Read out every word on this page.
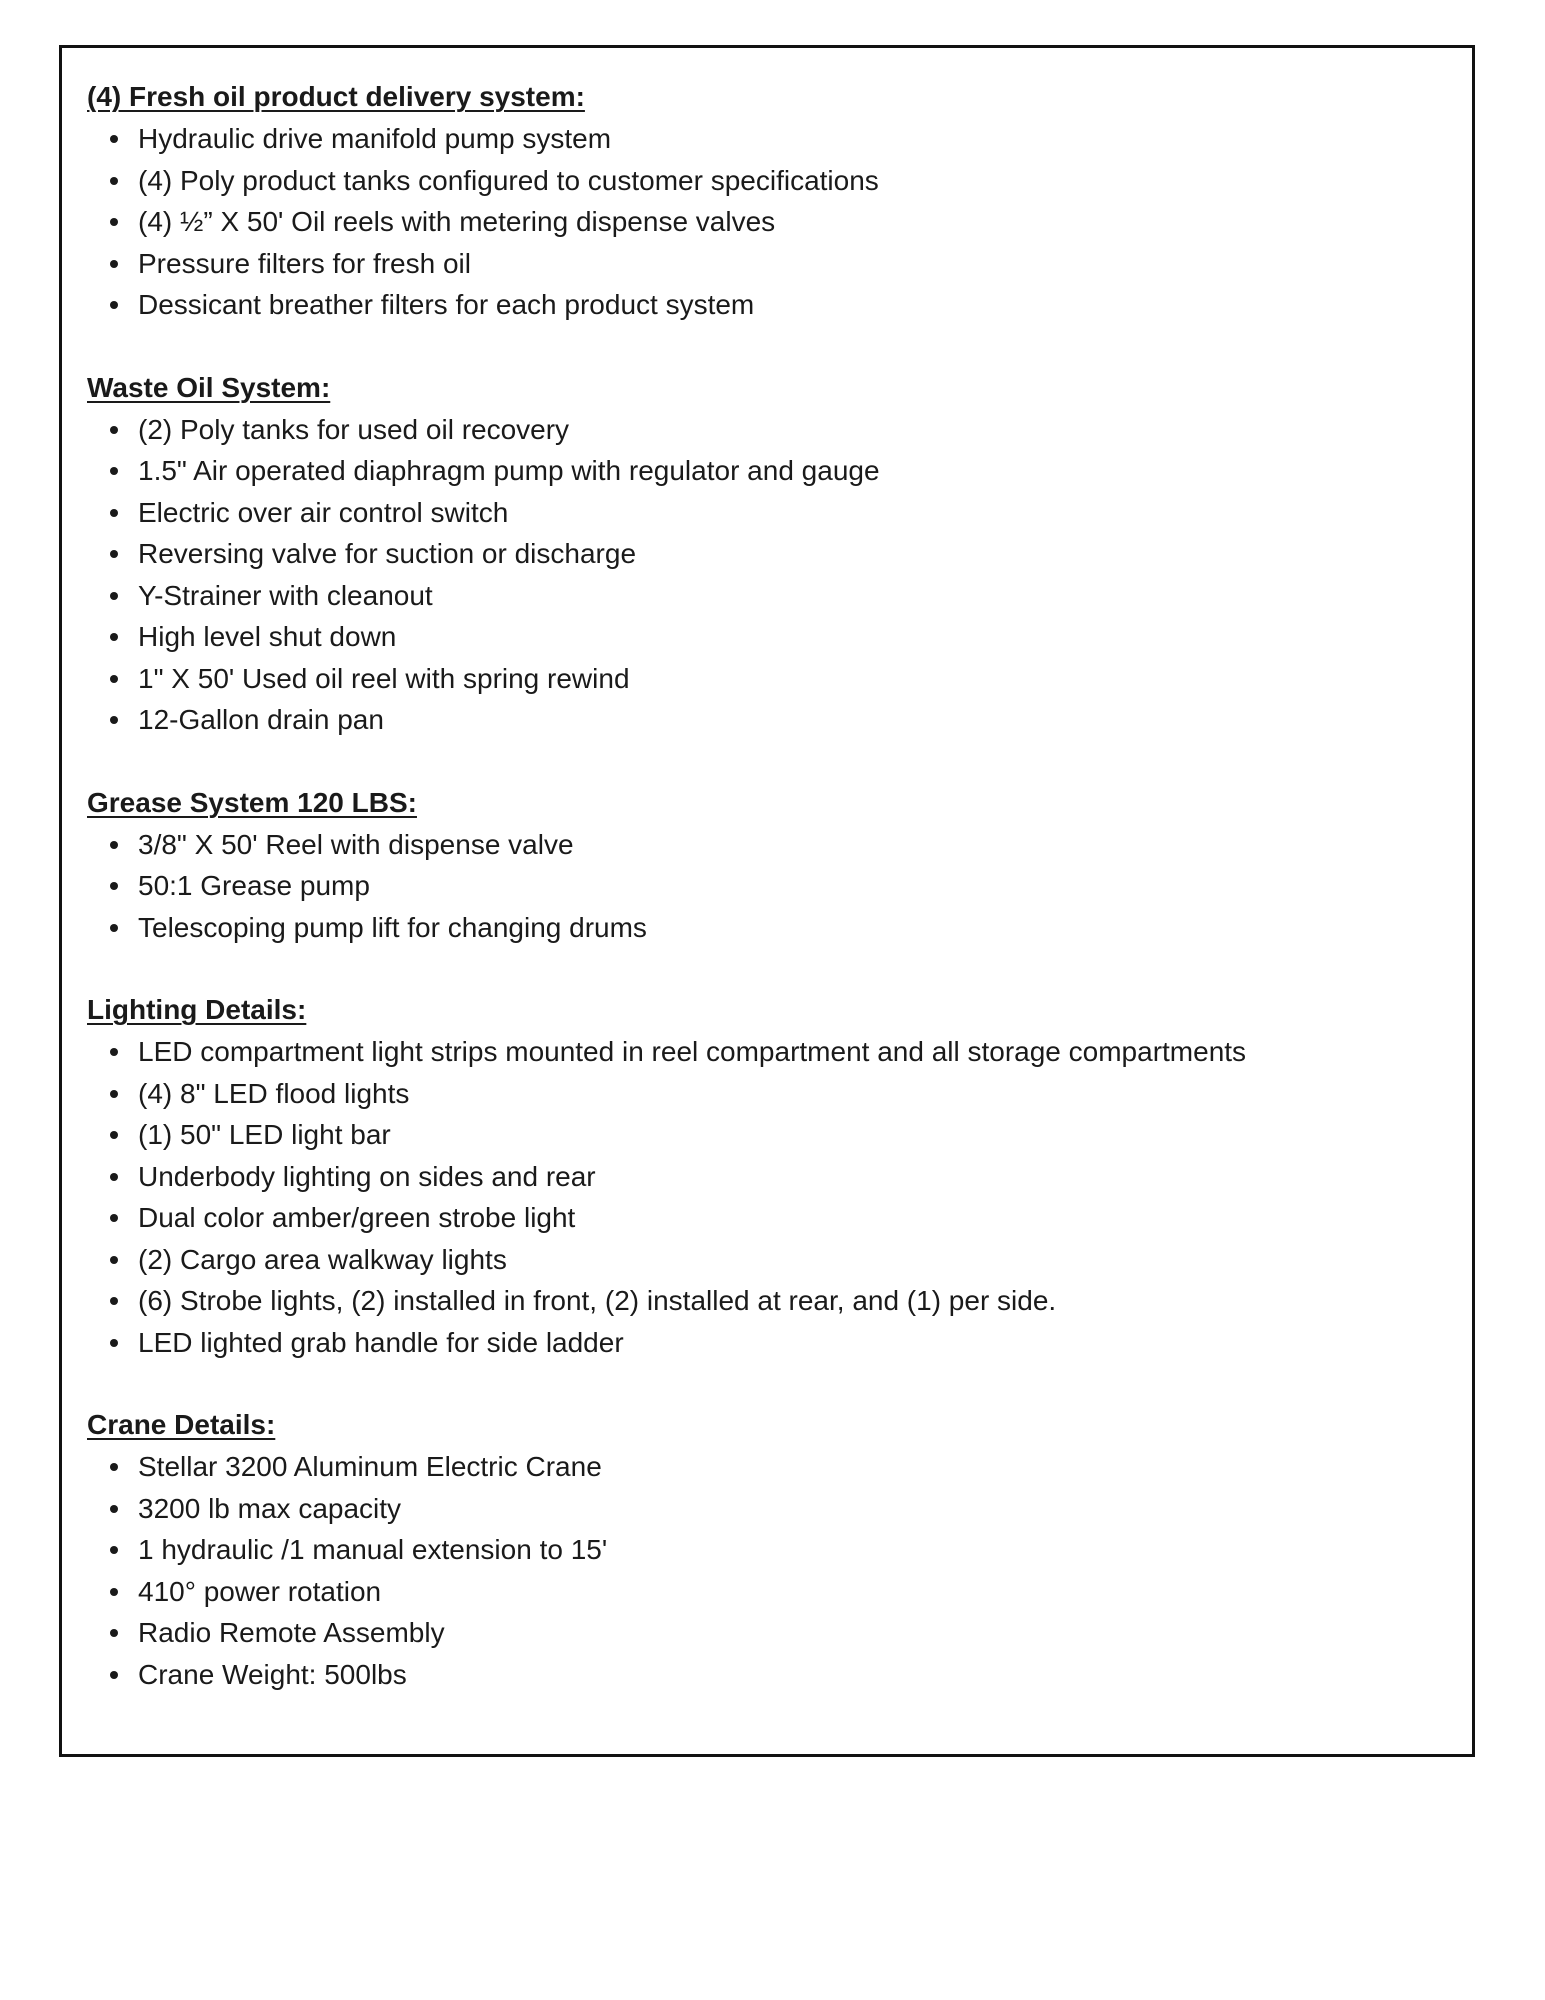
(4) Fresh oil product delivery system:
Hydraulic drive manifold pump system
(4) Poly product tanks configured to customer specifications
(4) ½” X 50' Oil reels with metering dispense valves
Pressure filters for fresh oil
Dessicant breather filters for each product system
Waste Oil System:
(2) Poly tanks for used oil recovery
1.5" Air operated diaphragm pump with regulator and gauge
Electric over air control switch
Reversing valve for suction or discharge
Y-Strainer with cleanout
High level shut down
1" X 50' Used oil reel with spring rewind
12-Gallon drain pan
Grease System 120 LBS:
3/8" X 50' Reel with dispense valve
50:1 Grease pump
Telescoping pump lift for changing drums
Lighting Details:
LED compartment light strips mounted in reel compartment and all storage compartments
(4) 8" LED flood lights
(1) 50" LED light bar
Underbody lighting on sides and rear
Dual color amber/green strobe light
(2) Cargo area walkway lights
(6) Strobe lights, (2) installed in front, (2) installed at rear, and (1) per side.
LED lighted grab handle for side ladder
Crane Details:
Stellar 3200 Aluminum Electric Crane
3200 lb max capacity
1 hydraulic /1 manual extension to 15'
410° power rotation
Radio Remote Assembly
Crane Weight: 500lbs
